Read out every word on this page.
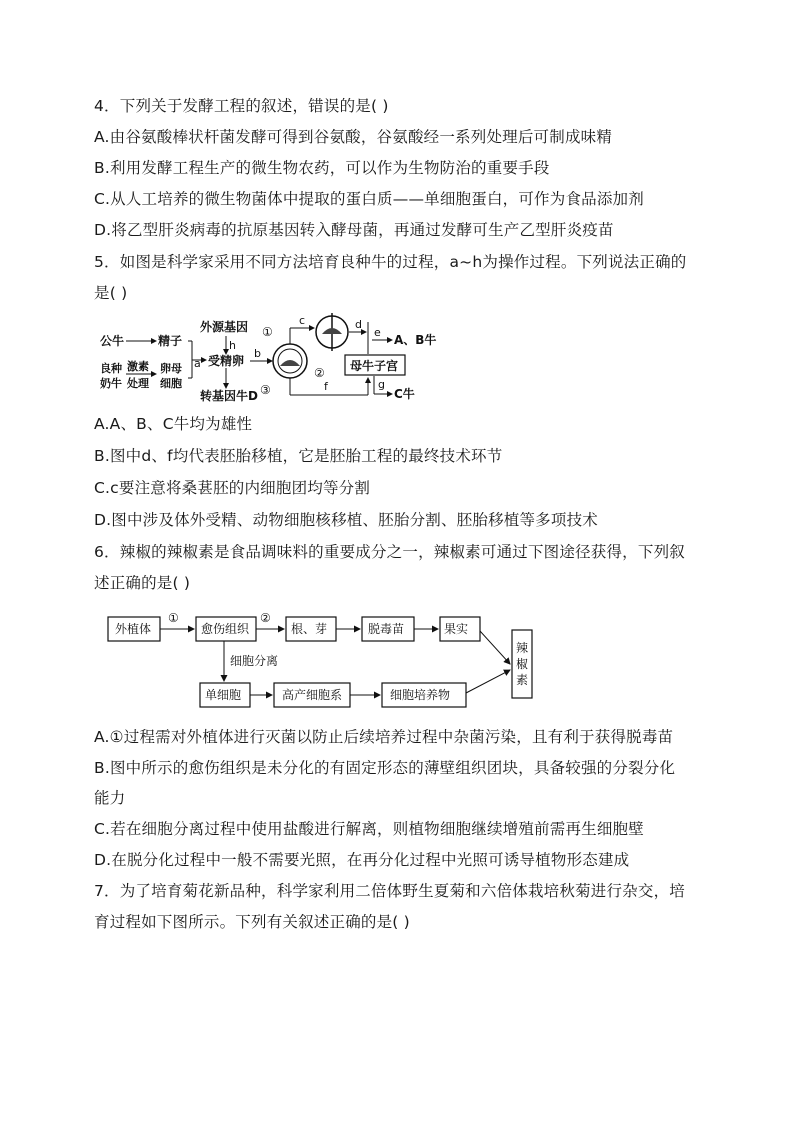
4．下列关于发酵工程的叙述，错误的是( )
A.由谷氨酸棒状杆菌发酵可得到谷氨酸，谷氨酸经一系列处理后可制成味精
B.利用发酵工程生产的微生物农药，可以作为生物防治的重要手段
C.从人工培养的微生物菌体中提取的蛋白质——单细胞蛋白，可作为食品添加剂
D.将乙型肝炎病毒的抗原基因转入酵母菌，再通过发酵可生产乙型肝炎疫苗
5．如图是科学家采用不同方法培育良种牛的过程，a~h为操作过程。下列说法正确的
是( )
公牛	精子
良种
奶牛
激素
处理
卵母
细胞
a 受精卵
外源基因
h
转基因牛D
b
①
②
③
c	d
e
A、B牛
母牛子宫
f	g
C牛
A.A、B、C牛均为雄性
B.图中d、f均代表胚胎移植，它是胚胎工程的最终技术环节
C.c要注意将桑葚胚的内细胞团均等分割
D.图中涉及体外受精、动物细胞核移植、胚胎分割、胚胎移植等多项技术
6．辣椒的辣椒素是食品调味料的重要成分之一，辣椒素可通过下图途径获得，下列叙
述正确的是( )
外植体
①
愈伤组织
②
根、芽	脱毒苗	果实
辣
椒
素
细胞分离
单细胞	高产细胞系	细胞培养物
A.①过程需对外植体进行灭菌以防止后续培养过程中杂菌污染，且有利于获得脱毒苗
B.图中所示的愈伤组织是未分化的有固定形态的薄壁组织团块，具备较强的分裂分化
能力
C.若在细胞分离过程中使用盐酸进行解离，则植物细胞继续增殖前需再生细胞壁
D.在脱分化过程中一般不需要光照，在再分化过程中光照可诱导植物形态建成
7．为了培育菊花新品种，科学家利用二倍体野生夏菊和六倍体栽培秋菊进行杂交，培
育过程如下图所示。下列有关叙述正确的是( )
